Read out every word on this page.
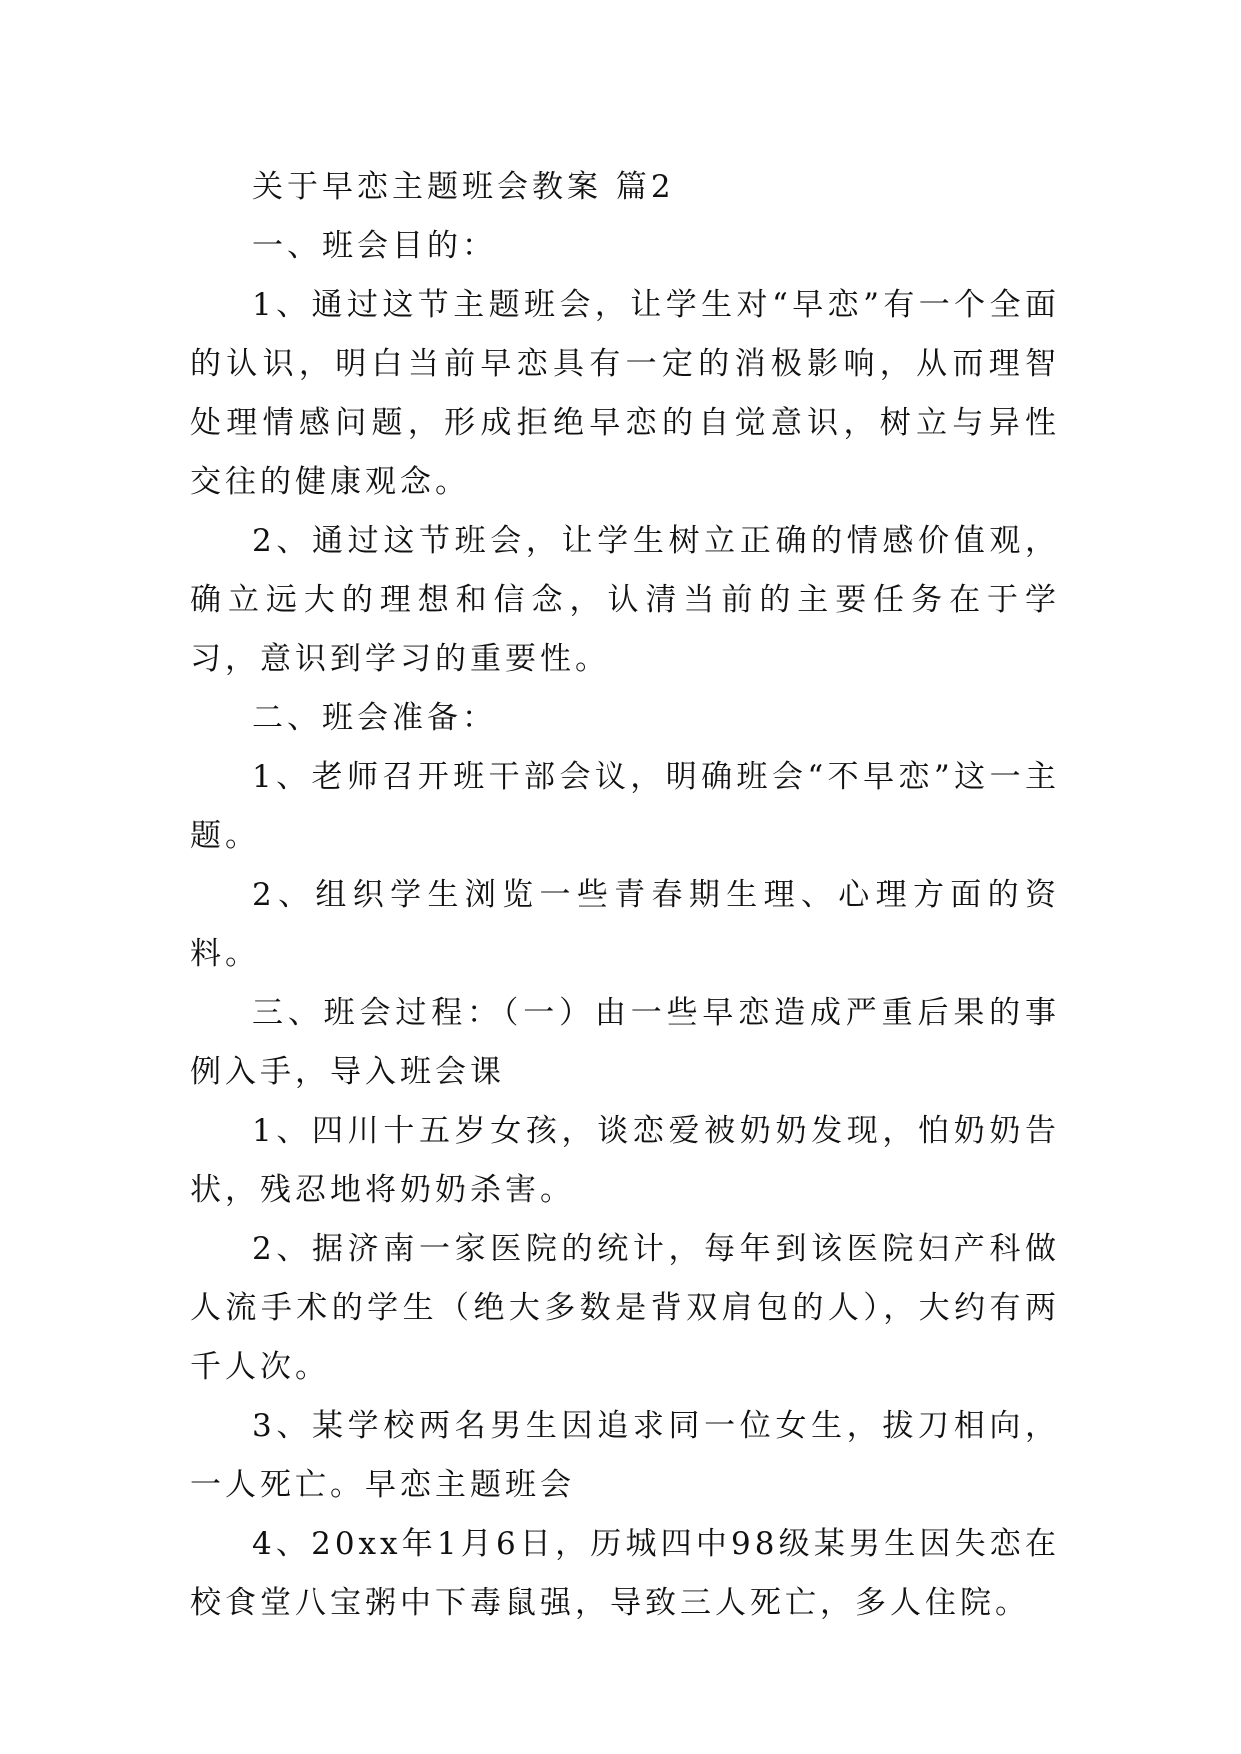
关于早恋主题班会教案 篇2

一、班会目的：

1、通过这节主题班会，让学生对“早恋”有一个全面的认识，明白当前早恋具有一定的消极影响，从而理智处理情感问题，形成拒绝早恋的自觉意识，树立与异性交往的健康观念。

2、通过这节班会，让学生树立正确的情感价值观，确立远大的理想和信念，认清当前的主要任务在于学习，意识到学习的重要性。

二、班会准备：

1、老师召开班干部会议，明确班会“不早恋”这一主题。

2、组织学生浏览一些青春期生理、心理方面的资料。

三、班会过程：（一）由一些早恋造成严重后果的事例入手，导入班会课

1、四川十五岁女孩，谈恋爱被奶奶发现，怕奶奶告状，残忍地将奶奶杀害。

2、据济南一家医院的统计，每年到该医院妇产科做人流手术的学生（绝大多数是背双肩包的人），大约有两千人次。

3、某学校两名男生因追求同一位女生，拔刀相向，一人死亡。早恋主题班会

4、20xx年1月6日，历城四中98级某男生因失恋在校食堂八宝粥中下毒鼠强，导致三人死亡，多人住院。
